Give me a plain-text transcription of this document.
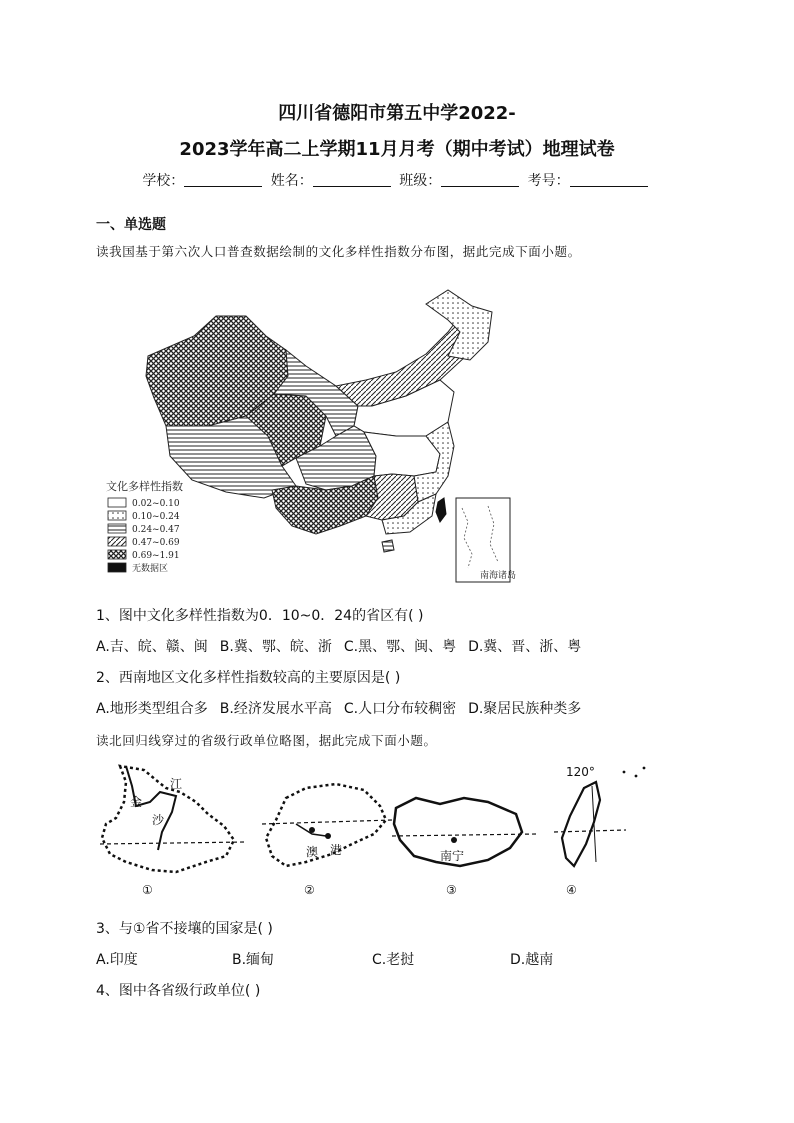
四川省德阳市第五中学2022-
2023学年高二上学期11月月考（期中考试）地理试卷
学校：	姓名：	班级：	考号：
一、单选题
读我国基于第六次人口普查数据绘制的文化多样性指数分布图，据此完成下面小题。
南海诸岛
文化多样性指数
0.02~0.10
0.10~0.24
0.24~0.47
0.47~0.69
0.69~1.91
无数据区
1、图中文化多样性指数为0．10~0．24的省区有( )
A.吉、皖、赣、闽 B.冀、鄂、皖、浙 C.黑、鄂、闽、粤 D.冀、晋、浙、粤
2、西南地区文化多样性指数较高的主要原因是( )
A.地形类型组合多 B.经济发展水平高 C.人口分布较稠密 D.聚居民族种类多
读北回归线穿过的省级行政单位略图，据此完成下面小题。
金
沙
江
①
澳 港
②
南宁
③
120°
④
3、与①省不接壤的国家是( )
A.印度	B.缅甸	C.老挝	D.越南
4、图中各省级行政单位( )
